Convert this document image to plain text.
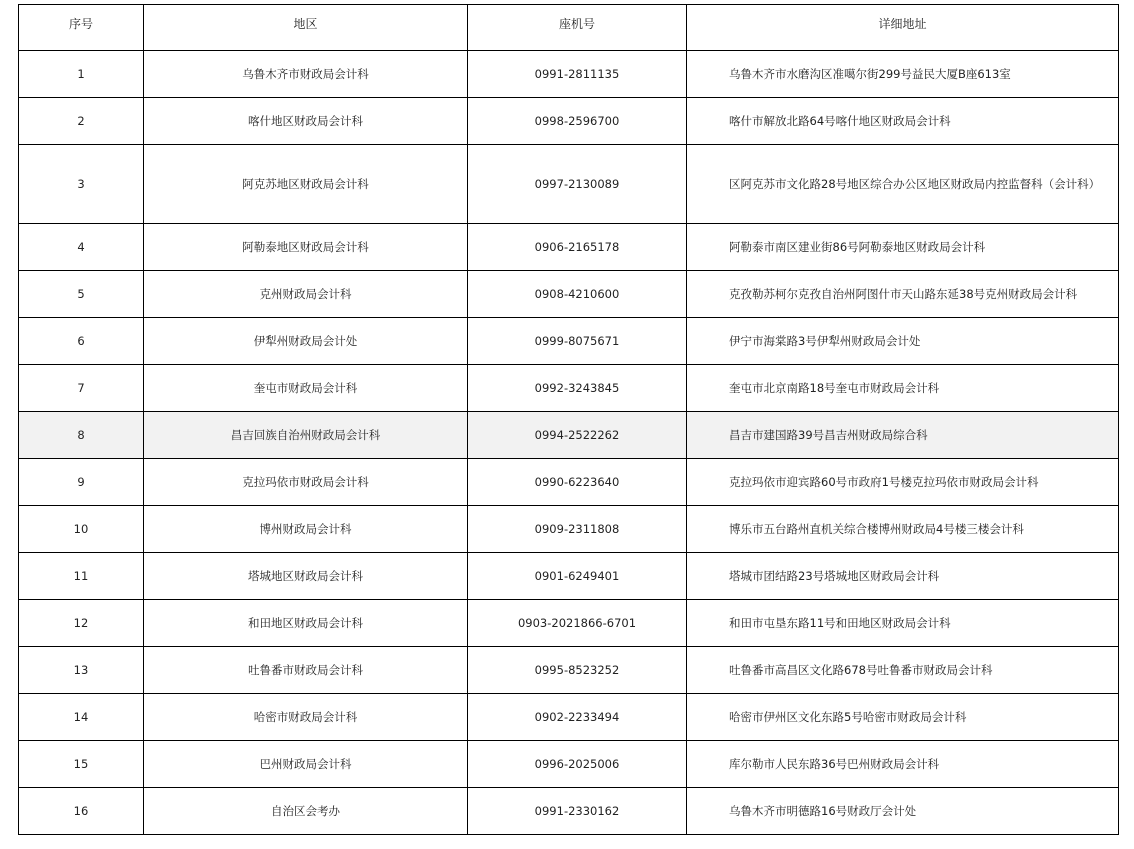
序号	地区	座机号	详细地址
1	乌鲁木齐市财政局会计科	0991-2811135	乌鲁木齐市水磨沟区准噶尔街299号益民大厦B座613室
2	喀什地区财政局会计科	0998-2596700	喀什市解放北路64号喀什地区财政局会计科
3	阿克苏地区财政局会计科	0997-2130089	区阿克苏市文化路28号地区综合办公区地区财政局内控监督科（会计科）
4	阿勒泰地区财政局会计科	0906-2165178	阿勒泰市南区建业街86号阿勒泰地区财政局会计科
5	克州财政局会计科	0908-4210600	克孜勒苏柯尔克孜自治州阿图什市天山路东延38号克州财政局会计科
6	伊犁州财政局会计处	0999-8075671	伊宁市海棠路3号伊犁州财政局会计处
7	奎屯市财政局会计科	0992-3243845	奎屯市北京南路18号奎屯市财政局会计科
8	昌吉回族自治州财政局会计科	0994-2522262	昌吉市建国路39号昌吉州财政局综合科
9	克拉玛依市财政局会计科	0990-6223640	克拉玛依市迎宾路60号市政府1号楼克拉玛依市财政局会计科
10	博州财政局会计科	0909-2311808	博乐市五台路州直机关综合楼博州财政局4号楼三楼会计科
11	塔城地区财政局会计科	0901-6249401	塔城市团结路23号塔城地区财政局会计科
12	和田地区财政局会计科	0903-2021866-6701	和田市屯垦东路11号和田地区财政局会计科
13	吐鲁番市财政局会计科	0995-8523252	吐鲁番市高昌区文化路678号吐鲁番市财政局会计科
14	哈密市财政局会计科	0902-2233494	哈密市伊州区文化东路5号哈密市财政局会计科
15	巴州财政局会计科	0996-2025006	库尔勒市人民东路36号巴州财政局会计科
16	自治区会考办	0991-2330162	乌鲁木齐市明德路16号财政厅会计处
